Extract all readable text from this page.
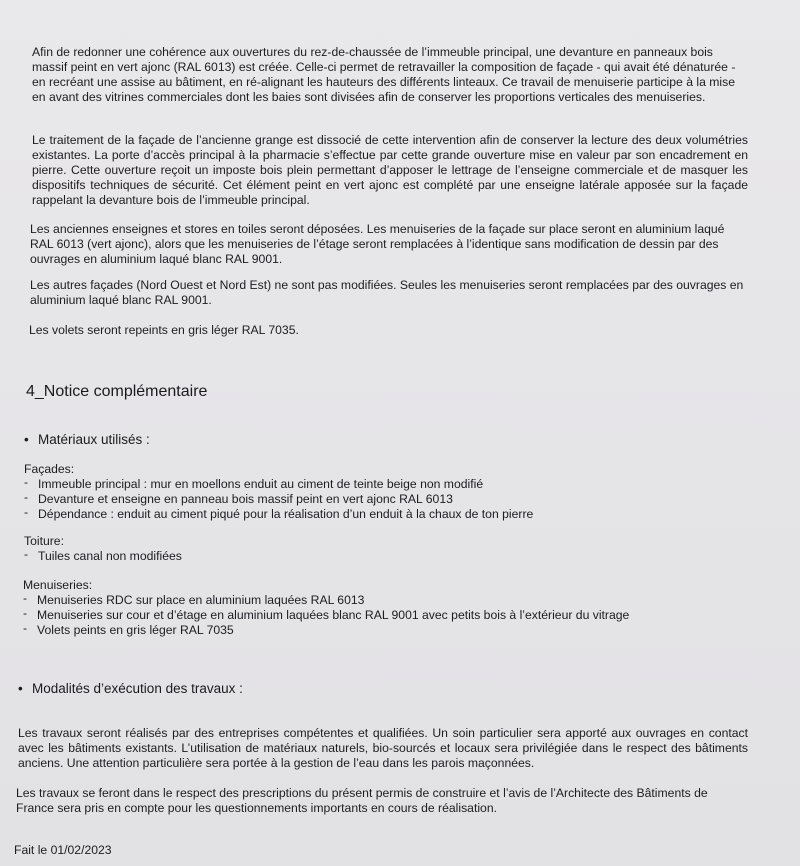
Afin de redonner une cohérence aux ouvertures du rez-de-chaussée de l’immeuble principal, une devanture en panneaux bois massif peint en vert ajonc (RAL 6013) est créée. Celle-ci permet de retravailler la composition de façade - qui avait été dénaturée - en recréant une assise au bâtiment, en ré-alignant les hauteurs des différents linteaux. Ce travail de menuiserie participe à la mise en avant des vitrines commerciales dont les baies sont divisées afin de conserver les proportions verticales des menuiseries.
Le traitement de la façade de l’ancienne grange est dissocié de cette intervention afin de conserver la lecture des deux volumétries existantes. La porte d’accès principal à la pharmacie s’effectue par cette grande ouverture mise en valeur par son encadrement en pierre. Cette ouverture reçoit un imposte bois plein permettant d’apposer le lettrage de l’enseigne commerciale et de masquer les dispositifs techniques de sécurité. Cet élément peint en vert ajonc est complété par une enseigne latérale apposée sur la façade rappelant la devanture bois de l’immeuble principal.
Les anciennes enseignes et stores en toiles seront déposées. Les menuiseries de la façade sur place seront en aluminium laqué RAL 6013 (vert ajonc), alors que les menuiseries de l’étage seront remplacées à l’identique sans modification de dessin par des ouvrages en aluminium laqué blanc RAL 9001.
Les autres façades (Nord Ouest et Nord Est) ne sont pas modifiées. Seules les menuiseries seront remplacées par des ouvrages en aluminium laqué blanc RAL 9001.
Les volets seront repeints en gris léger RAL 7035.
4_Notice complémentaire
• Matériaux utilisés :
Façades:
- Immeuble principal : mur en moellons enduit au ciment de teinte beige non modifié
- Devanture et enseigne en panneau bois massif peint en vert ajonc RAL 6013
- Dépendance : enduit au ciment piqué pour la réalisation d’un enduit à la chaux de ton pierre
Toiture:
- Tuiles canal non modifiées
Menuiseries:
- Menuiseries RDC sur place en aluminium laquées RAL 6013
- Menuiseries sur cour et d’étage en aluminium laquées blanc RAL 9001 avec petits bois à l’extérieur du vitrage
- Volets peints en gris léger RAL 7035
• Modalités d’exécution des travaux :
Les travaux seront réalisés par des entreprises compétentes et qualifiées. Un soin particulier sera apporté aux ouvrages en contact avec les bâtiments existants. L’utilisation de matériaux naturels, bio-sourcés et locaux sera privilégiée dans le respect des bâtiments anciens. Une attention particulière sera portée à la gestion de l’eau dans les parois maçonnées.
Les travaux se feront dans le respect des prescriptions du présent permis de construire et l’avis de l’Architecte des Bâtiments de France sera pris en compte pour les questionnements importants en cours de réalisation.
Fait le 01/02/2023
